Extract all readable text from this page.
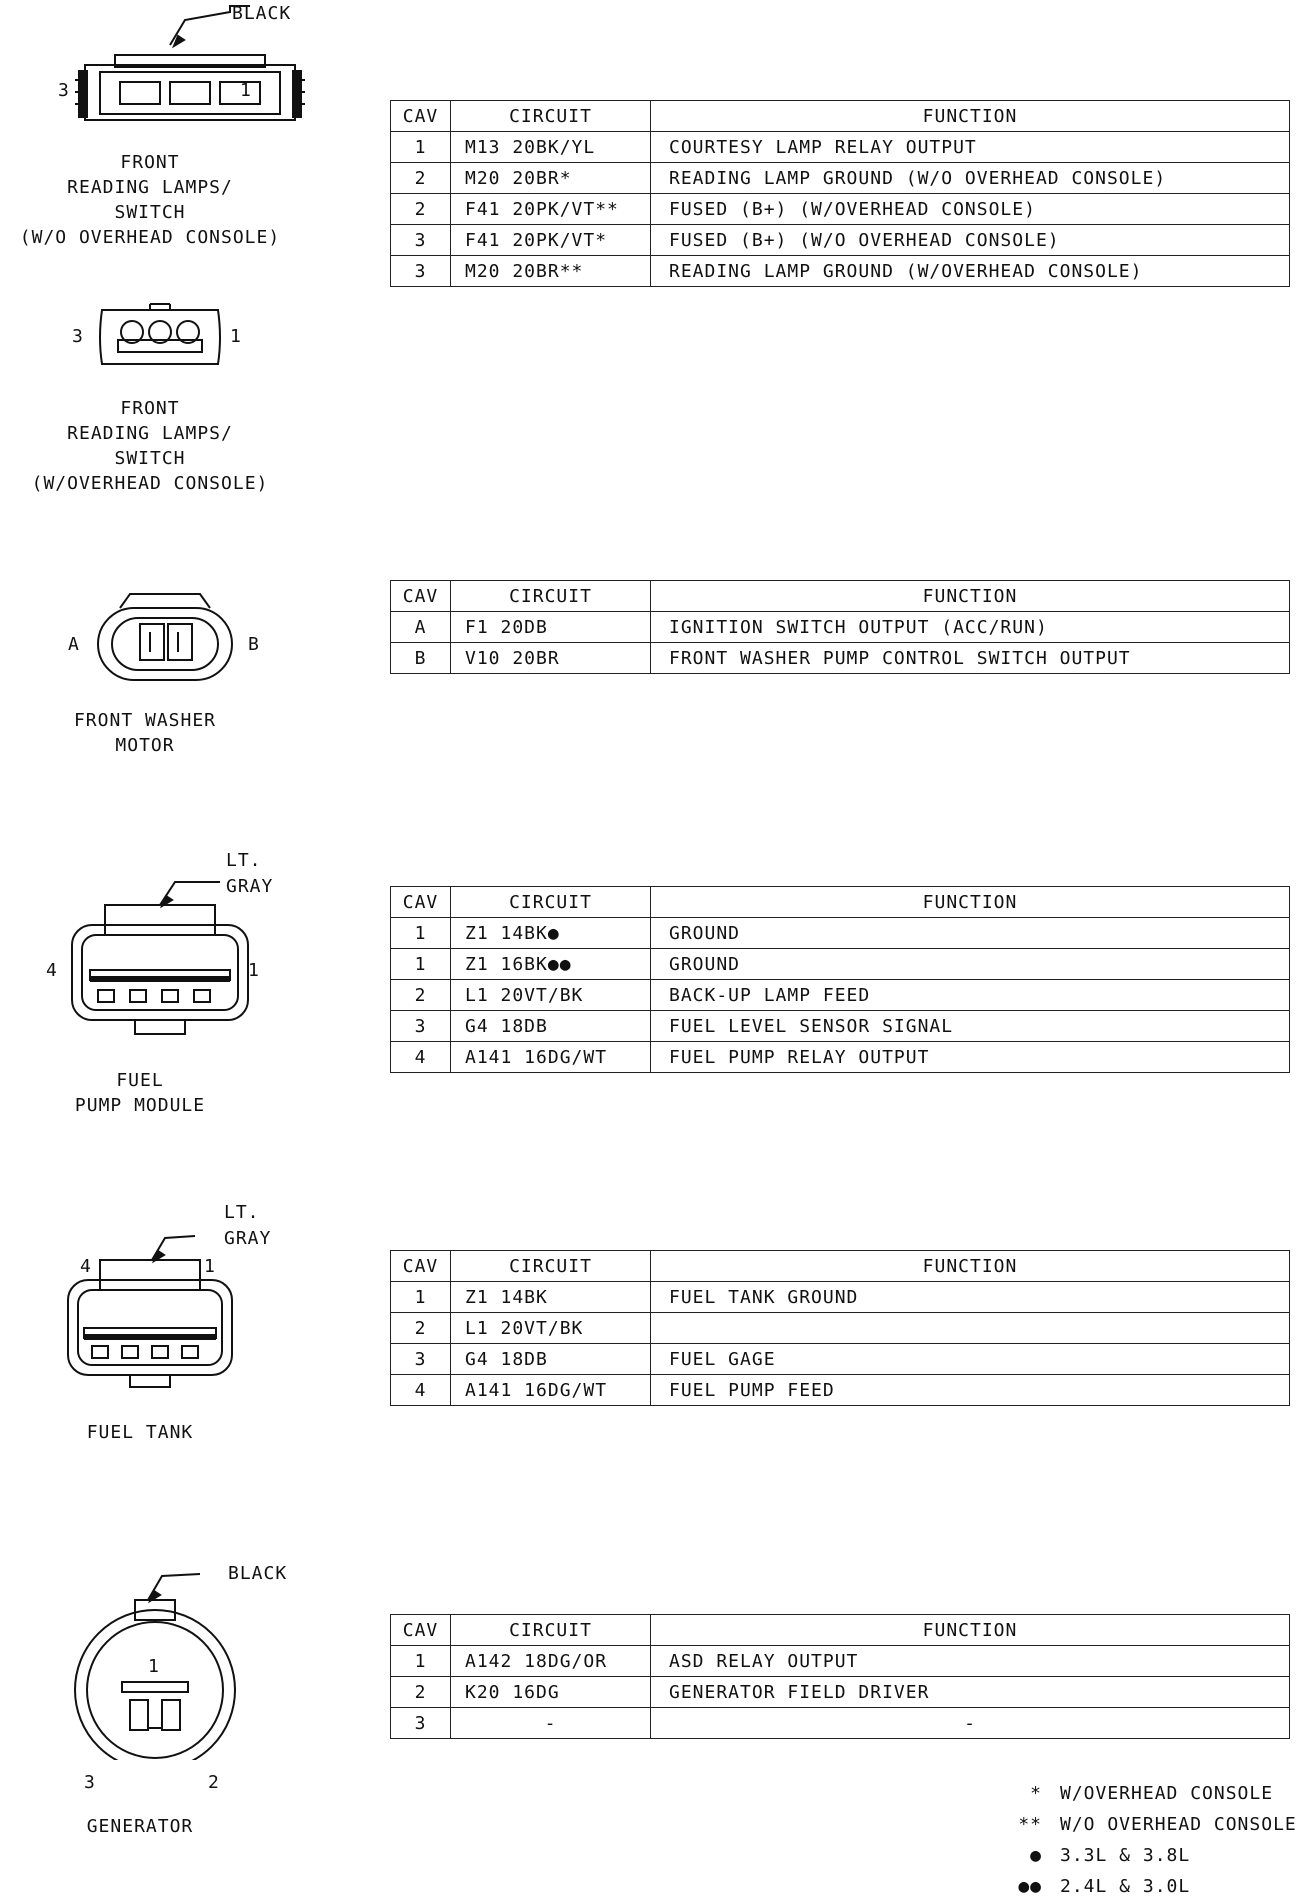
BLACK
3	1
FRONT
READING LAMPS/
SWITCH
(W/O OVERHEAD CONSOLE)
CAV	CIRCUIT	FUNCTION
1	M13 20BK/YL	COURTESY LAMP RELAY OUTPUT
2	M20 20BR*	READING LAMP GROUND (W/O OVERHEAD CONSOLE)
2	F41 20PK/VT**	FUSED (B+) (W/OVERHEAD CONSOLE)
3	F41 20PK/VT*	FUSED (B+) (W/O OVERHEAD CONSOLE)
3	M20 20BR**	READING LAMP GROUND (W/OVERHEAD CONSOLE)
3	1
FRONT
READING LAMPS/
SWITCH
(W/OVERHEAD CONSOLE)
A	B
FRONT WASHER
MOTOR
CAV	CIRCUIT	FUNCTION
A	F1 20DB	IGNITION SWITCH OUTPUT (ACC/RUN)
B	V10 20BR	FRONT WASHER PUMP CONTROL SWITCH OUTPUT
LT.
GRAY
4	1
FUEL
PUMP MODULE
CAV	CIRCUIT	FUNCTION
1	Z1 14BK●	GROUND
1	Z1 16BK●●	GROUND
2	L1 20VT/BK	BACK-UP LAMP FEED
3	G4 18DB	FUEL LEVEL SENSOR SIGNAL
4	A141 16DG/WT	FUEL PUMP RELAY OUTPUT
LT.
GRAY
4	1
FUEL TANK
CAV	CIRCUIT	FUNCTION
1	Z1 14BK	FUEL TANK GROUND
2	L1 20VT/BK	
3	G4 18DB	FUEL GAGE
4	A141 16DG/WT	FUEL PUMP FEED
BLACK
1
3	2
GENERATOR
CAV	CIRCUIT	FUNCTION
1	A142 18DG/OR	ASD RELAY OUTPUT
2	K20 16DG	GENERATOR FIELD DRIVER
3	-	-
* W/OVERHEAD CONSOLE
** W/O OVERHEAD CONSOLE
● 3.3L & 3.8L
●● 2.4L & 3.0L
